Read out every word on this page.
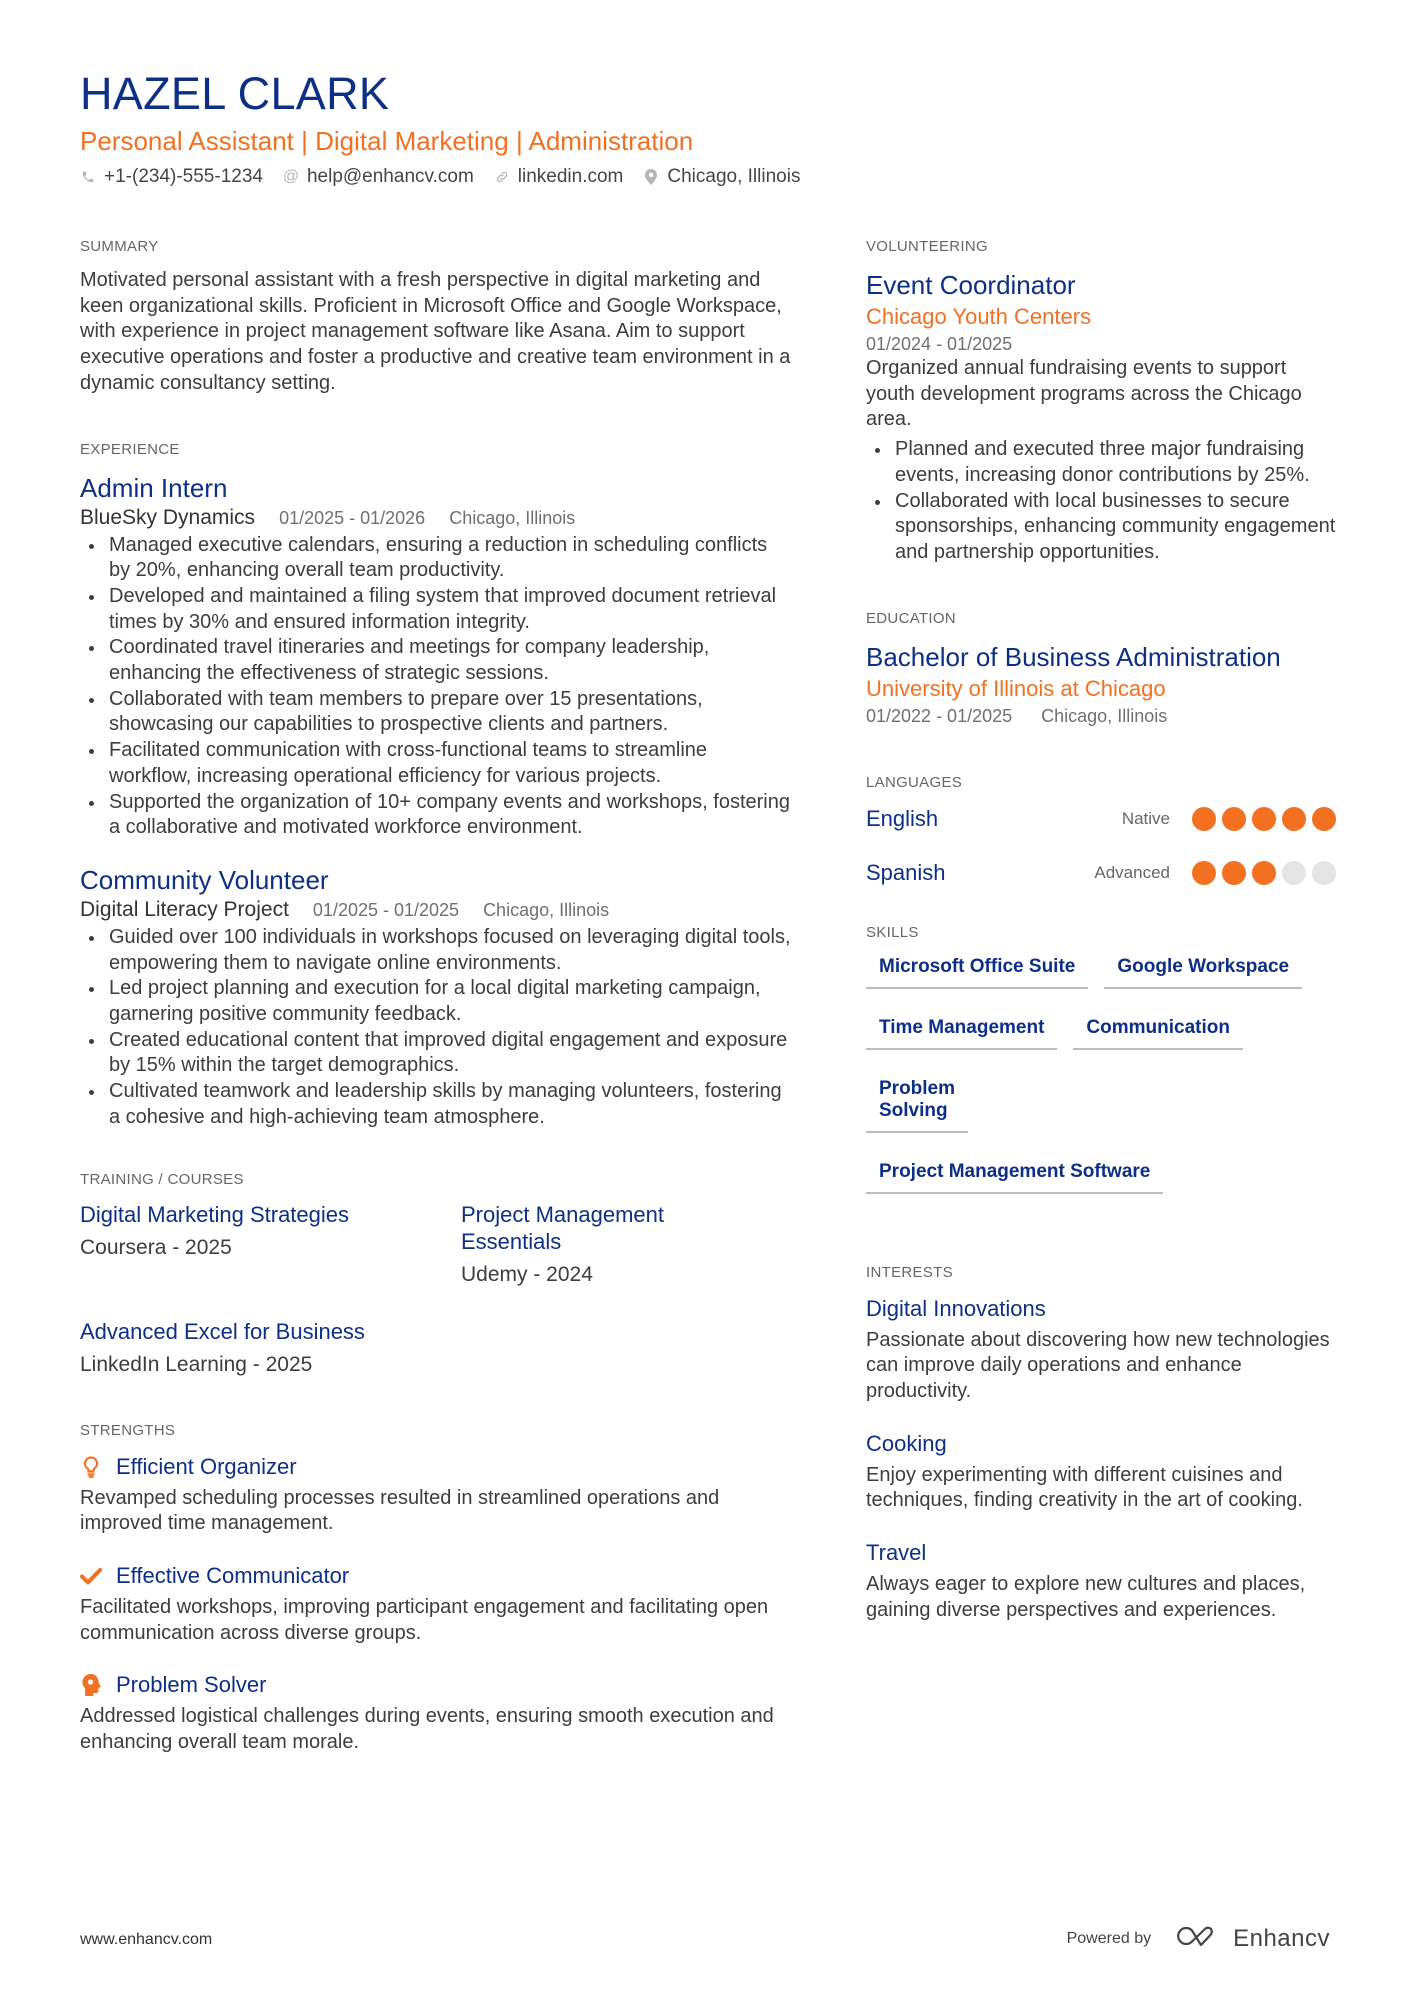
HAZEL CLARK
Personal Assistant | Digital Marketing | Administration
+1-(234)-555-1234 @ help@enhancv.com linkedin.com Chicago, Illinois
SUMMARY

Motivated personal assistant with a fresh perspective in digital marketing and keen organizational skills. Proficient in Microsoft Office and Google Workspace, with experience in project management software like Asana. Aim to support executive operations and foster a productive and creative team environment in a dynamic consultancy setting.

EXPERIENCE
Admin Intern
BlueSky Dynamics 01/2025 - 01/2026 Chicago, Illinois
Managed executive calendars, ensuring a reduction in scheduling conflicts by 20%, enhancing overall team productivity.
Developed and maintained a filing system that improved document retrieval times by 30% and ensured information integrity.
Coordinated travel itineraries and meetings for company leadership, enhancing the effectiveness of strategic sessions.
Collaborated with team members to prepare over 15 presentations, showcasing our capabilities to prospective clients and partners.
Facilitated communication with cross-functional teams to streamline workflow, increasing operational efficiency for various projects.
Supported the organization of 10+ company events and workshops, fostering a collaborative and motivated workforce environment.
Community Volunteer
Digital Literacy Project 01/2025 - 01/2025 Chicago, Illinois
Guided over 100 individuals in workshops focused on leveraging digital tools, empowering them to navigate online environments.
Led project planning and execution for a local digital marketing campaign, garnering positive community feedback.
Created educational content that improved digital engagement and exposure by 15% within the target demographics.
Cultivated teamwork and leadership skills by managing volunteers, fostering a cohesive and high-achieving team atmosphere.
TRAINING / COURSES
Digital Marketing Strategies
Coursera - 2025
Project Management Essentials
Udemy - 2024
Advanced Excel for Business
LinkedIn Learning - 2025
STRENGTHS
Efficient Organizer
Revamped scheduling processes resulted in streamlined operations and improved time management.
Effective Communicator
Facilitated workshops, improving participant engagement and facilitating open communication across diverse groups.
Problem Solver
Addressed logistical challenges during events, ensuring smooth execution and enhancing overall team morale.
VOLUNTEERING
Event Coordinator
Chicago Youth Centers
01/2024 - 01/2025

Organized annual fundraising events to support youth development programs across the Chicago area.

Planned and executed three major fundraising events, increasing donor contributions by 25%.
Collaborated with local businesses to secure sponsorships, enhancing community engagement and partnership opportunities.
EDUCATION
Bachelor of Business Administration
University of Illinois at Chicago
01/2022 - 01/2025 Chicago, Illinois
LANGUAGES
English	Native
Spanish	Advanced
SKILLS
Microsoft Office Suite	Google Workspace
Time Management	Communication
Problem Solving
Project Management Software
INTERESTS
Digital Innovations
Passionate about discovering how new technologies can improve daily operations and enhance productivity.
Cooking
Enjoy experimenting with different cuisines and techniques, finding creativity in the art of cooking.
Travel
Always eager to explore new cultures and places, gaining diverse perspectives and experiences.
www.enhancv.com	Powered by	Enhancv
